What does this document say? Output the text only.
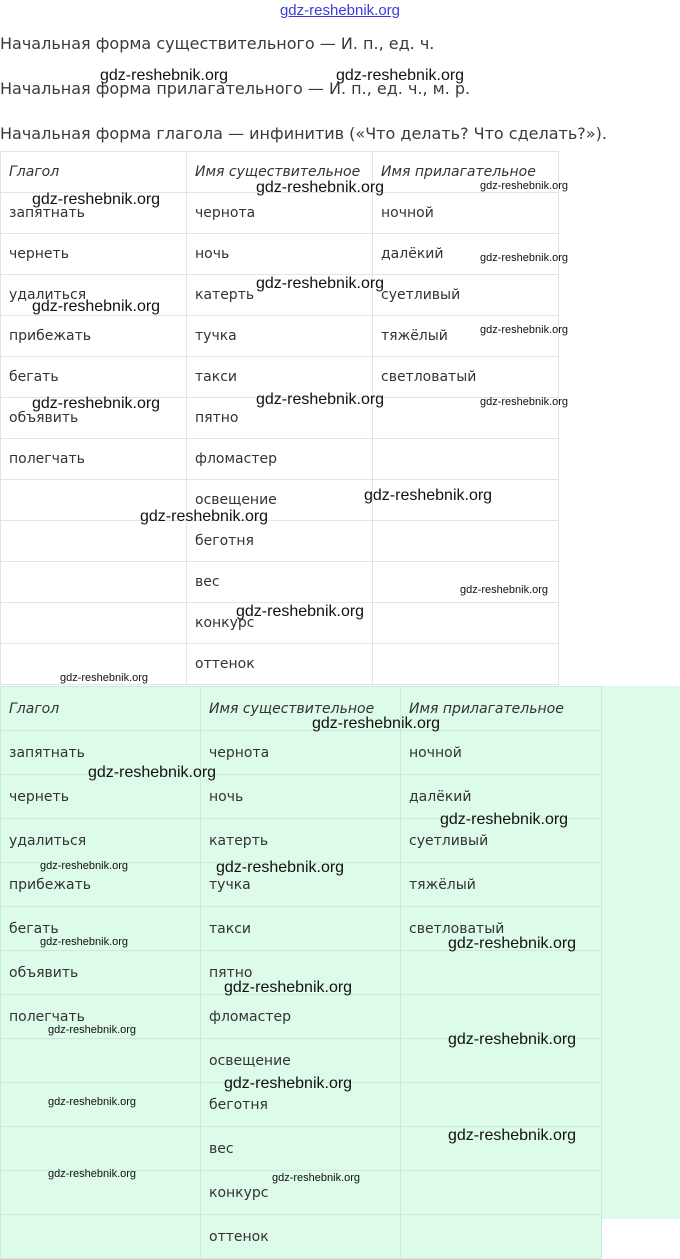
gdz-reshebnik.org
Начальная форма существительного — И. п., ед. ч.
Начальная форма прилагательного — И. п., ед. ч., м. р.
Начальная форма глагола — инфинитив («Что делать? Что сделать?»).
Глагол	Имя существительное	Имя прилагательное
запятнать	чернота	ночной
чернеть	ночь	далёкий
удалиться	катерть	суетливый
прибежать	тучка	тяжёлый
бегать	такси	светловатый
объявить	пятно	
полегчать	фломастер	
	освещение	
	беготня	
	вес	
	конкурс	
	оттенок	
Глагол	Имя существительное	Имя прилагательное
запятнать	чернота	ночной
чернеть	ночь	далёкий
удалиться	катерть	суетливый
прибежать	тучка	тяжёлый
бегать	такси	светловатый
объявить	пятно	
полегчать	фломастер	
	освещение	
	беготня	
	вес	
	конкурс	
	оттенок	
gdz-reshebnik.org	gdz-reshebnik.org
gdz-reshebnik.org
gdz-reshebnik.org	gdz-reshebnik.org
gdz-reshebnik.org
gdz-reshebnik.org
gdz-reshebnik.org
gdz-reshebnik.org
gdz-reshebnik.org	gdz-reshebnik.org	gdz-reshebnik.org
gdz-reshebnik.org
gdz-reshebnik.org
gdz-reshebnik.org
gdz-reshebnik.org
gdz-reshebnik.org
gdz-reshebnik.org
gdz-reshebnik.org
gdz-reshebnik.org
gdz-reshebnik.org	gdz-reshebnik.org
gdz-reshebnik.org	gdz-reshebnik.org
gdz-reshebnik.org
gdz-reshebnik.org
gdz-reshebnik.org
gdz-reshebnik.org
gdz-reshebnik.org
gdz-reshebnik.org
gdz-reshebnik.org	gdz-reshebnik.org
